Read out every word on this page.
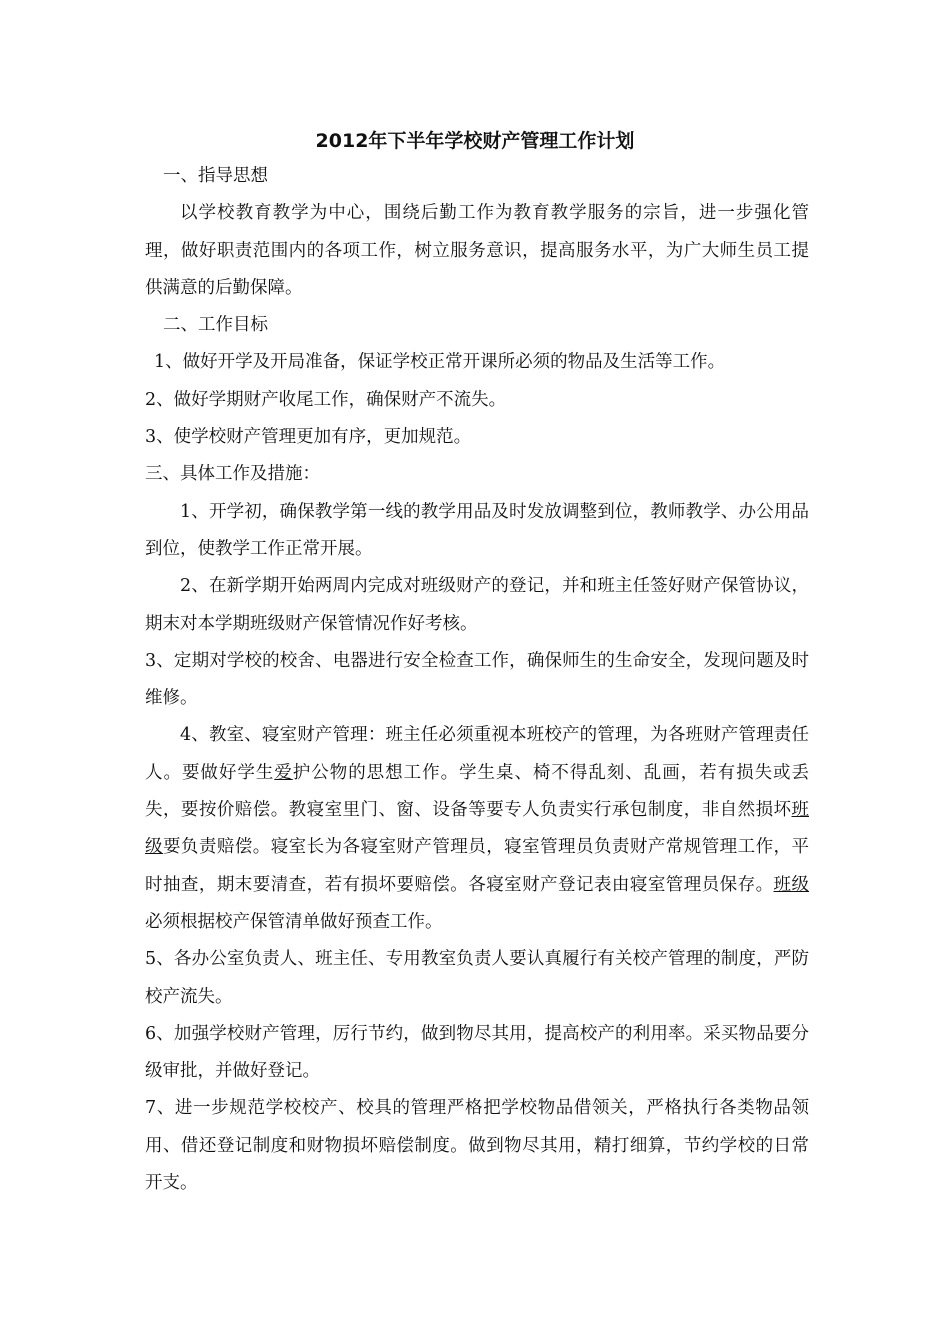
2012年下半年学校财产管理工作计划

一、指导思想

以学校教育教学为中心，围绕后勤工作为教育教学服务的宗旨，进一步强化管理，做好职责范围内的各项工作，树立服务意识，提高服务水平，为广大师生员工提供满意的后勤保障。

二、工作目标

1、做好开学及开局准备，保证学校正常开课所必须的物品及生活等工作。

2、做好学期财产收尾工作，确保财产不流失。

3、使学校财产管理更加有序，更加规范。

三、具体工作及措施：

1、开学初，确保教学第一线的教学用品及时发放调整到位，教师教学、办公用品到位，使教学工作正常开展。

2、在新学期开始两周内完成对班级财产的登记，并和班主任签好财产保管协议，期末对本学期班级财产保管情况作好考核。

3、定期对学校的校舍、电器进行安全检查工作，确保师生的生命安全，发现问题及时维修。

4、教室、寝室财产管理：班主任必须重视本班校产的管理，为各班财产管理责任人。要做好学生爱护公物的思想工作。学生桌、椅不得乱刻、乱画，若有损失或丢失，要按价赔偿。教寝室里门、窗、设备等要专人负责实行承包制度，非自然损坏班级要负责赔偿。寝室长为各寝室财产管理员，寝室管理员负责财产常规管理工作，平时抽查，期末要清查，若有损坏要赔偿。各寝室财产登记表由寝室管理员保存。班级必须根据校产保管清单做好预查工作。

5、各办公室负责人、班主任、专用教室负责人要认真履行有关校产管理的制度，严防校产流失。

6、加强学校财产管理，厉行节约，做到物尽其用，提高校产的利用率。采买物品要分级审批，并做好登记。

7、进一步规范学校校产、校具的管理严格把学校物品借领关，严格执行各类物品领用、借还登记制度和财物损坏赔偿制度。做到物尽其用，精打细算，节约学校的日常开支。
